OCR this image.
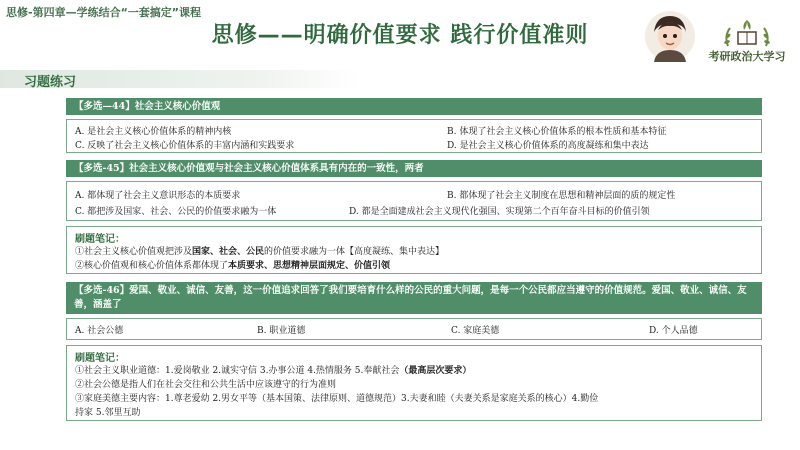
思修-第四章—学练结合“一套搞定”课程
思修——明确价值要求 践行价值准则
考研政治大学习
习题练习
【多选—44】社会主义核心价值观
A. 是社会主义核心价值体系的精神内核	B. 体现了社会主义核心价值体系的根本性质和基本特征
C. 反映了社会主义核心价值体系的丰富内涵和实践要求	D. 是社会主义核心价值体系的高度凝练和集中表达
【多选-45】社会主义核心价值观与社会主义核心价值体系具有内在的一致性，两者
A. 都体现了社会主义意识形态的本质要求	B. 都体现了社会主义制度在思想和精神层面的质的规定性
C. 都把涉及国家、社会、公民的价值要求融为一体	D. 都是全面建成社会主义现代化强国、实现第二个百年奋斗目标的价值引领
刷题笔记：
①社会主义核心价值观把涉及国家、社会、公民的价值要求融为一体【高度凝练、集中表达】
②核心价值观和核心价值体系都体现了本质要求、思想精神层面规定、价值引领
【多选-46】爱国、敬业、诚信、友善，这一价值追求回答了我们要培育什么样的公民的重大问题，是每一个公民都应当遵守的价值规范。爱国、敬业、诚信、友善，涵盖了
A. 社会公德	B. 职业道德	C. 家庭美德	D. 个人品德
刷题笔记：
①社会主义职业道德：1.爱岗敬业 2.诚实守信 3.办事公道 4.热情服务 5.奉献社会（最高层次要求）
②社会公德是指人们在社会交往和公共生活中应该遵守的行为准则
③家庭美德主要内容：1.尊老爱幼 2.男女平等（基本国策、法律原则、道德规范）3.夫妻和睦（夫妻关系是家庭关系的核心）4.勤俭
持家 5.邻里互助
